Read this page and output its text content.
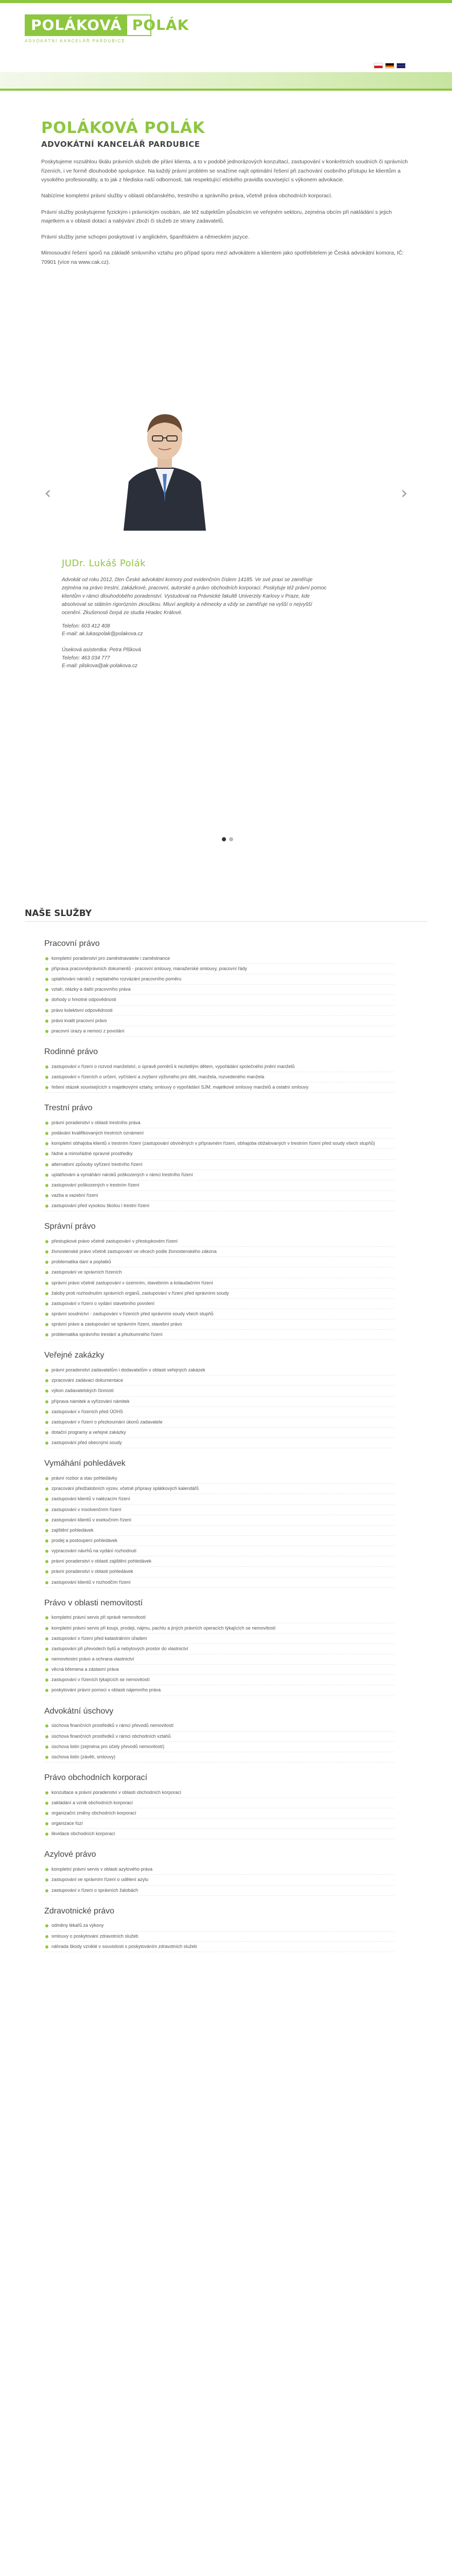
POLÁKOVÁ POLÁK
ADVOKÁTNÍ KANCELÁŘ PARDUBICE
POLÁKOVÁ POLÁK
ADVOKÁTNÍ KANCELÁŘ PARDUBICE

Poskytujeme rozsáhlou škálu právních služeb dle přání klienta, a to v podobě jednorázových konzultací, zastupování v konkrétních soudních či správních řízeních, i ve formě dlouhodobé spolupráce. Na každý právní problém se snažíme najít optimální řešení při zachování osobního přístupu ke klientům a vysokého profesionality, a to jak z hlediska naší odbornosti, tak respektující etického pravidla související s výkonem advokacie.

Nabízíme kompletní právní služby v oblasti občanského, trestního a správního práva, včetně práva obchodních korporací.

Právní služby poskytujeme fyzickým i právnickým osobám, ale též subjektům působícím ve veřejném sektoru, zejména obcím při nakládání s jejich majetkem a v oblasti dotací a nabývání zboží či služeb ze strany zadavatelů.

Právní služby jsme schopni poskytovat i v anglickém, španělském a německém jazyce.

Mimosoudní řešení sporů na základě smluvního vztahu pro případ sporu mezi advokátem a klientem jako spotřebitelem je Česká advokátní komora, IČ: 70901 (více na www.cak.cz).

‹	›
JUDr. Lukáš Polák
Advokát od roku 2012, člen České advokátní komory pod evidenčním číslem 14185. Ve své praxi se zaměřuje zejména na právo trestní, zakázkové, pracovní, autorské a právo obchodních korporací. Poskytuje též právní pomoc klientům v rámci dlouhodobého poradenství. Vystudoval na Právnické fakultě Univerzity Karlovy v Praze, kde absolvoval se státním rigorózním zkouškou. Mluví anglicky a německy a vždy se zaměřuje na vyšší o nejvyšší ocenění. Zkušenosti čerpá ze studia Hradec Králové.
Telefon: 603 412 408
E-mail: ak.lukaspolak@polakova.cz

Úseková asistentka: Petra Plšková
Telefon: 463 034 777
E-mail: pliskova@ak-polakova.cz
NAŠE SLUŽBY
Pracovní právo
kompletní poradenství pro zaměstnavatele i zaměstnance
příprava pracovněprávních dokumentů - pracovní smlouvy, manažerské smlouvy, pracovní řády
uplatňování nároků z neplatného rozvázání pracovního poměru
vztah, otázky a další pracovního práva
dohody o hmotné odpovědnosti
právo kolektivní odpovědnosti
právo kvalit pracovní právo
pracovní úrazy a nemoci z povolání
Rodinné právo
zastupování v řízení o rozvod manželství, o úpravě poměrů k nezletilým dětem, vypořádání společného jmění manželů
zastupování v řízeních o určení, vyčíslení a zvýšení výživného pro děti, manžela, rozvedeného manžela
řešení otázek souvisejících s majetkovými vztahy, smlouvy o vypořádání SJM, majetkové smlouvy manželů a ostatní smlouvy
Trestní právo
právní poradenství v oblasti trestního práva
podávání kvalifikovaných trestních oznámení
kompletní obhajoba klientů v trestním řízení (zastupování obviněných v přípravném řízení, obhajoba obžalovaných v trestním řízení před soudy všech stupňů)
řádné a mimořádné opravné prostředky
alternativní způsoby vyřízení trestního řízení
uplatňování a vymáhání nároků poškozených v rámci trestního řízení
zastupování poškozených v trestním řízení
vazba a vazební řízení
zastupování před vysokou školou i trestní řízení
Správní právo
přestupkové právo včetně zastupování v přestupkovém řízení
živnostenské právo včetně zastupování ve věcech podle živnostenského zákona
problematika daní a poplatků
zastupování ve správních řízeních
správní právo včetně zastupování v územním, stavebním a kolaudačním řízení
žaloby proti rozhodnutím správních orgánů, zastupování v řízení před správními soudy
zastupování v řízení o vydání stavebního povolení
správní soudnictví - zastupování v řízeních před správními soudy všech stupňů
správní právo a zastupování ve správním řízení, stavební právo
problematika správního trestání a přezkumného řízení
Veřejné zakázky
právní poradenství zadavatelům i dodavatelům v oblasti veřejných zakázek
zpracování zadávací dokumentace
výkon zadavatelských činností
příprava námitek a vyřizování námitek
zastupování v řízeních před ÚOHS
zastupování v řízení o přezkoumání úkonů zadavatele
dotační programy a veřejné zakázky
zastupování před obecnými soudy
Vymáhání pohledávek
právní rozbor a stav pohledávky
zpracování předžalobních výzev, včetně přípravy splátkových kalendářů
zastupování klientů v nalézacím řízení
zastupování v insolvenčním řízení
zastupování klientů v exekučním řízení
zajištění pohledávek
prodej a postoupení pohledávek
vypracování návrhů na vydání rozhodnutí
právní poradenství v oblasti zajištění pohledávek
právní poradenství v oblasti pohledávek
zastupování klientů v rozhodčím řízení
Právo v oblasti nemovitostí
kompletní právní servis při správě nemovitostí
kompletní právní servis při koupi, prodeji, nájmu, pachtu a jiných právních operacích týkajících se nemovitostí
zastupování v řízení před katastrálním úřadem
zastupování při převodech bytů a nebytových prostor do vlastnictví
nemovitostní právo a ochrana vlastnictví
věcná břemena a zástavní práva
zastupování v řízeních týkajících se nemovitostí
poskytování právní pomoci v oblasti nájemního práva
Advokátní úschovy
úschova finančních prostředků v rámci převodů nemovitostí
úschova finančních prostředků v rámci obchodních vztahů
úschova listin (zejména pro účely převodů nemovitostí)
úschova listin (závěti, smlouvy)
Právo obchodních korporací
konzultace a právní poradenství v oblasti obchodních korporací
zakládání a vznik obchodních korporací
organizační změny obchodních korporací
organizace fúzí
likvidace obchodních korporací
Azylové právo
kompletní právní servis v oblasti azylového práva
zastupování ve správním řízení o udělení azylu
zastupování v řízení o správních žalobách
Zdravotnické právo
odměny lékařů za výkony
smlouvy o poskytování zdravotních služeb
náhrada škody vzniklé v souvislosti s poskytováním zdravotních služeb
